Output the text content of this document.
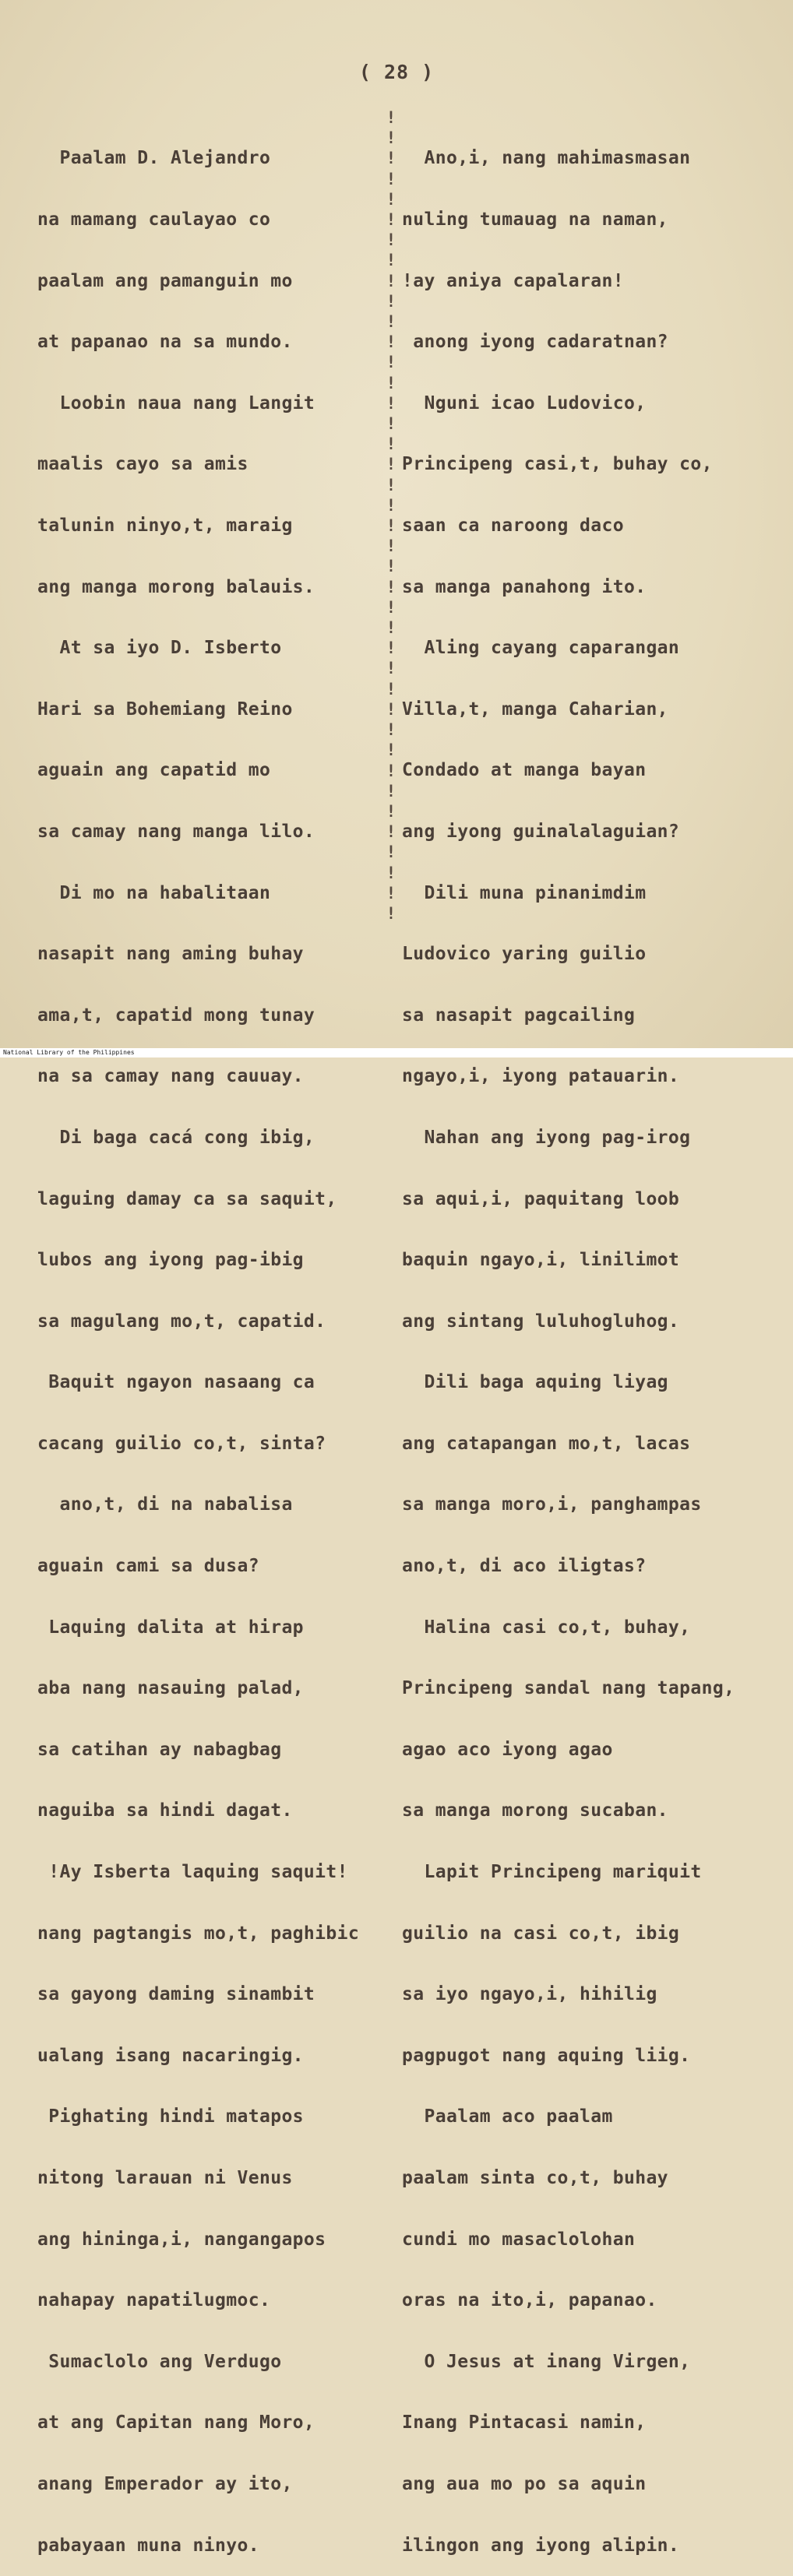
( 28 )

Paalam D. Alejandro

na mamang caulayao co

paalam ang pamanguin mo

at papanao na sa mundo.

Loobin naua nang Langit

maalis cayo sa amis

talunin ninyo,t, maraig

ang manga morong balauis.

At sa iyo D. Isberto

Hari sa Bohemiang Reino

aguain ang capatid mo

sa camay nang manga lilo.

Di mo na habalitaan

nasapit nang aming buhay

ama,t, capatid mong tunay

na sa camay nang cauuay.

Di baga cacá cong ibig,

laguing damay ca sa saquit,

lubos ang iyong pag-ibig

sa magulang mo,t, capatid.

Baquit ngayon nasaang ca

cacang guilio co,t, sinta?

ano,t, di na nabalisa

aguain cami sa dusa?

Laquing dalita at hirap

aba nang nasauing palad,

sa catihan ay nabagbag

naguiba sa hindi dagat.

!Ay Isberta laquing saquit!

nang pagtangis mo,t, paghibic

sa gayong daming sinambit

ualang isang nacaringig.

Pighating hindi matapos

nitong larauan ni Venus

ang hininga,i, nangangapos

nahapay napatilugmoc.

Sumaclolo ang Verdugo

at ang Capitan nang Moro,

anang Emperador ay ito,

pabayaan muna ninyo.

!
!
!
!
!
!
!
!
!
!
!
!
!
!
!
!
!
!
!
!
!
!
!
!
!
!
!
!
!
!
!
!
!
!
!
!
!
!
!
!

Ano,i, nang mahimasmasan

nuling tumauag na naman,

!ay aniya capalaran!

anong iyong cadaratnan?

Nguni icao Ludovico,

Principeng casi,t, buhay co,

saan ca naroong daco

sa manga panahong ito.

Aling cayang caparangan

Villa,t, manga Caharian,

Condado at manga bayan

ang iyong guinalalaguian?

Dili muna pinanimdim

Ludovico yaring guilio

sa nasapit pagcailing

ngayo,i, iyong patauarin.

Nahan ang iyong pag-irog

sa aqui,i, paquitang loob

baquin ngayo,i, linilimot

ang sintang luluhogluhog.

Dili baga aquing liyag

ang catapangan mo,t, lacas

sa manga moro,i, panghampas

ano,t, di aco iligtas?

Halina casi co,t, buhay,

Principeng sandal nang tapang,

agao aco iyong agao

sa manga morong sucaban.

Lapit Principeng mariquit

guilio na casi co,t, ibig

sa iyo ngayo,i, hihilig

pagpugot nang aquing liig.

Paalam aco paalam

paalam sinta co,t, buhay

cundi mo masaclolohan

oras na ito,i, papanao.

O Jesus at inang Virgen,

Inang Pintacasi namin,

ang aua mo po sa aquin

ilingon ang iyong alipin.

National Library of the Philippines
